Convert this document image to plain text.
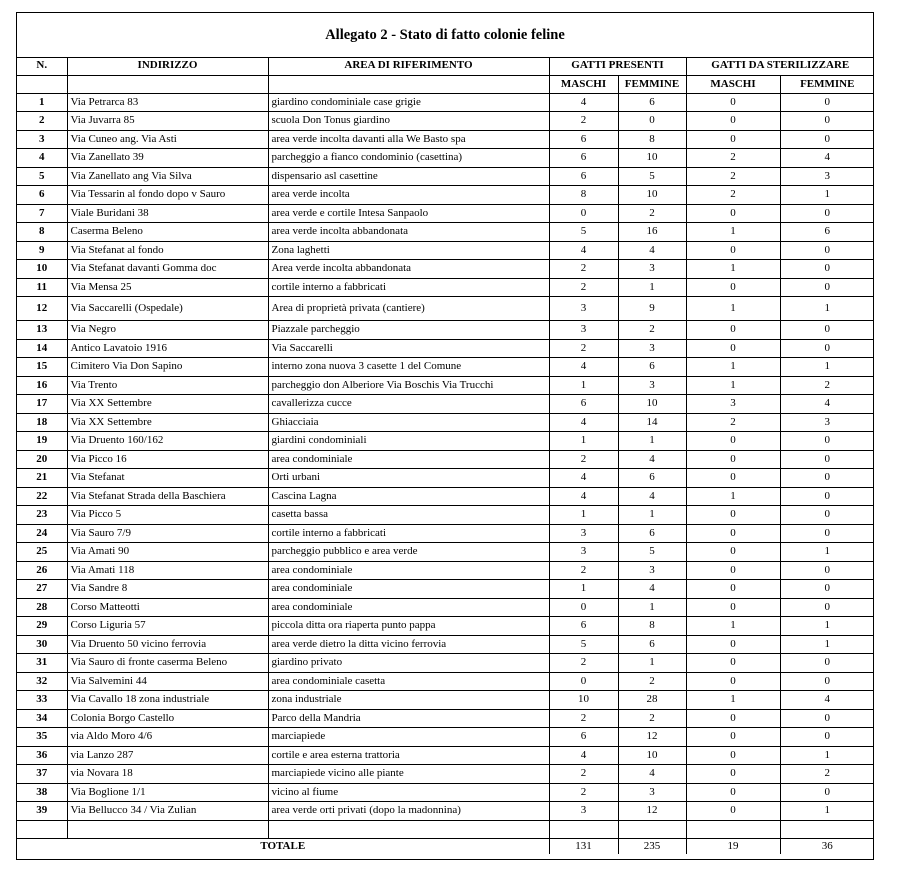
Allegato 2 - Stato di fatto colonie feline
N.	INDIRIZZO	AREA DI RIFERIMENTO	GATTI PRESENTI		GATTI DA STERILIZZARE	
			MASCHI	FEMMINE	MASCHI	FEMMINE
1	Via Petrarca 83	giardino condominiale case grigie	4	6	0	0
2	Via Juvarra 85	scuola Don Tonus giardino	2	0	0	0
3	Via Cuneo ang. Via Asti	area verde incolta davanti alla We Basto spa	6	8	0	0
4	Via Zanellato 39	parcheggio a fianco condominio (casettina)	6	10	2	4
5	Via Zanellato ang Via Silva	dispensario asl casettine	6	5	2	3
6	Via Tessarin al fondo dopo v Sauro	area verde incolta	8	10	2	1
7	Viale Buridani 38	area verde e cortile Intesa Sanpaolo	0	2	0	0
8	Caserma Beleno	area verde incolta abbandonata	5	16	1	6
9	Via Stefanat al fondo	Zona laghetti	4	4	0	0
10	Via Stefanat davanti Gomma doc	Area verde incolta abbandonata	2	3	1	0
11	Via Mensa 25	cortile interno a fabbricati	2	1	0	0
12	Via Saccarelli (Ospedale)	Area di proprietà privata (cantiere)	3	9	1	1
13	Via Negro	Piazzale parcheggio	3	2	0	0
14	Antico Lavatoio 1916	Via Saccarelli	2	3	0	0
15	Cimitero Via Don Sapino	interno zona nuova 3 casette 1 del Comune	4	6	1	1
16	Via Trento	parcheggio don Alberiore Via Boschis Via Trucchi	1	3	1	2
17	Via XX Settembre	cavallerizza cucce	6	10	3	4
18	Via XX Settembre	Ghiacciaia	4	14	2	3
19	Via Druento 160/162	giardini condominiali	1	1	0	0
20	Via Picco 16	area condominiale	2	4	0	0
21	Via Stefanat	Orti urbani	4	6	0	0
22	Via Stefanat Strada della Baschiera	Cascina Lagna	4	4	1	0
23	Via Picco 5	casetta bassa	1	1	0	0
24	Via Sauro 7/9	cortile interno a fabbricati	3	6	0	0
25	Via Amati 90	parcheggio pubblico e area verde	3	5	0	1
26	Via Amati 118	area condominiale	2	3	0	0
27	Via Sandre 8	area condominiale	1	4	0	0
28	Corso Matteotti	area condominiale	0	1	0	0
29	Corso Liguria 57	piccola ditta ora riaperta punto pappa	6	8	1	1
30	Via Druento 50 vicino ferrovia	area verde dietro la ditta vicino ferrovia	5	6	0	1
31	Via Sauro di fronte caserma Beleno	giardino privato	2	1	0	0
32	Via Salvemini 44	area condominiale casetta	0	2	0	0
33	Via Cavallo 18 zona industriale	zona industriale	10	28	1	4
34	Colonia Borgo Castello	Parco della Mandria	2	2	0	0
35	via Aldo Moro 4/6	marciapiede	6	12	0	0
36	via Lanzo 287	cortile e area esterna trattoria	4	10	0	1
37	via Novara 18	marciapiede vicino alle piante	2	4	0	2
38	Via Boglione 1/1	vicino al fiume	2	3	0	0
39	Via Bellucco 34 / Via Zulian	area verde orti privati (dopo la madonnina)	3	12	0	1

TOTALE			131	235	19	36
